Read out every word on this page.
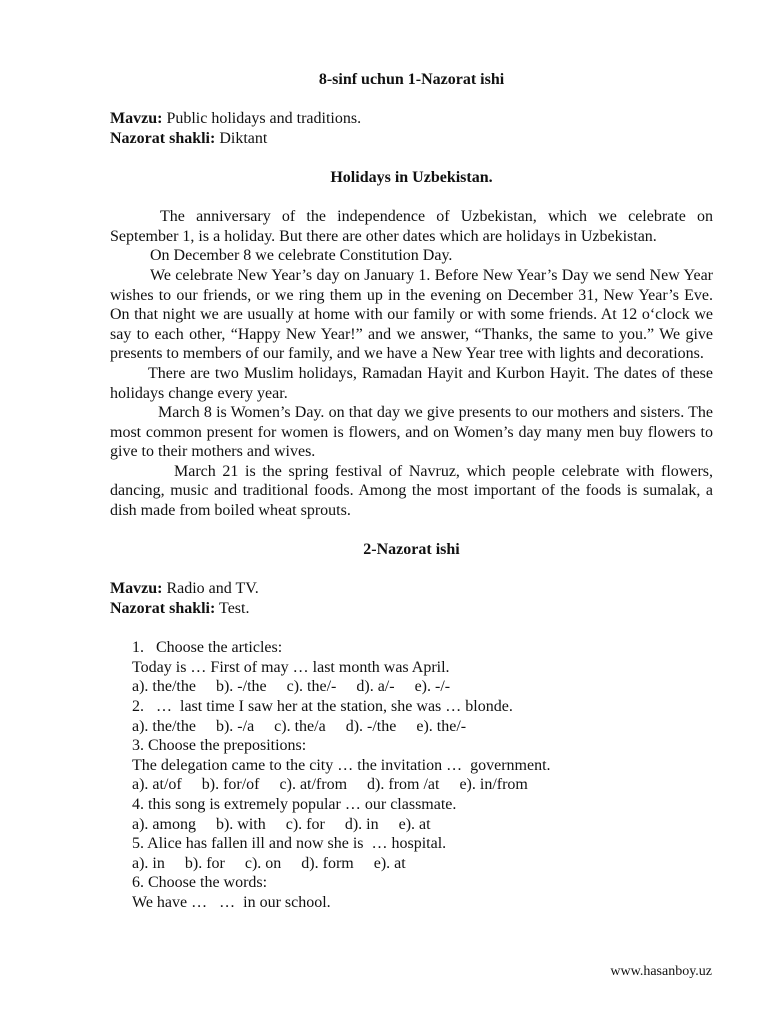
8-sinf uchun 1-Nazorat ishi
Mavzu: Public holidays and traditions.
Nazorat shakli: Diktant
Holidays in Uzbekistan.

The anniversary of the independence of Uzbekistan, which we celebrate on September 1, is a holiday. But there are other dates which are holidays in Uzbekistan.

On December 8 we celebrate Constitution Day.

We celebrate New Year’s day on January 1. Before New Year’s Day we send New Year wishes to our friends, or we ring them up in the evening on December 31, New Year’s Eve. On that night we are usually at home with our family or with some friends. At 12 o‘clock we say to each other, “Happy New Year!” and we answer, “Thanks, the same to you.” We give presents to members of our family, and we have a New Year tree with lights and decorations.

There are two Muslim holidays, Ramadan Hayit and Kurbon Hayit. The dates of these holidays change every year.

March 8 is Women’s Day. on that day we give presents to our mothers and sisters. The most common present for women is flowers, and on Women’s day many men buy flowers to give to their mothers and wives.

March 21 is the spring festival of Navruz, which people celebrate with flowers, dancing, music and traditional foods. Among the most important of the foods is sumalak, a dish made from boiled wheat sprouts.

2-Nazorat ishi
Mavzu: Radio and TV.
Nazorat shakli: Test.
1.   Choose the articles:
Today is … First of may … last month was April.
a). the/the     b). -/the     c). the/-     d). a/-     e). -/-
2.   …  last time I saw her at the station, she was … blonde.
a). the/the     b). -/a     c). the/a     d). -/the     e). the/-
3. Choose the prepositions:
The delegation came to the city … the invitation …  government.
a). at/of     b). for/of     c). at/from     d). from /at     e). in/from
4. this song is extremely popular … our classmate.
a). among     b). with     c). for     d). in     e). at
5. Alice has fallen ill and now she is  … hospital.
a). in     b). for     c). on     d). form     e). at
6. Choose the words:
We have …   …  in our school.
www.hasanboy.uz
